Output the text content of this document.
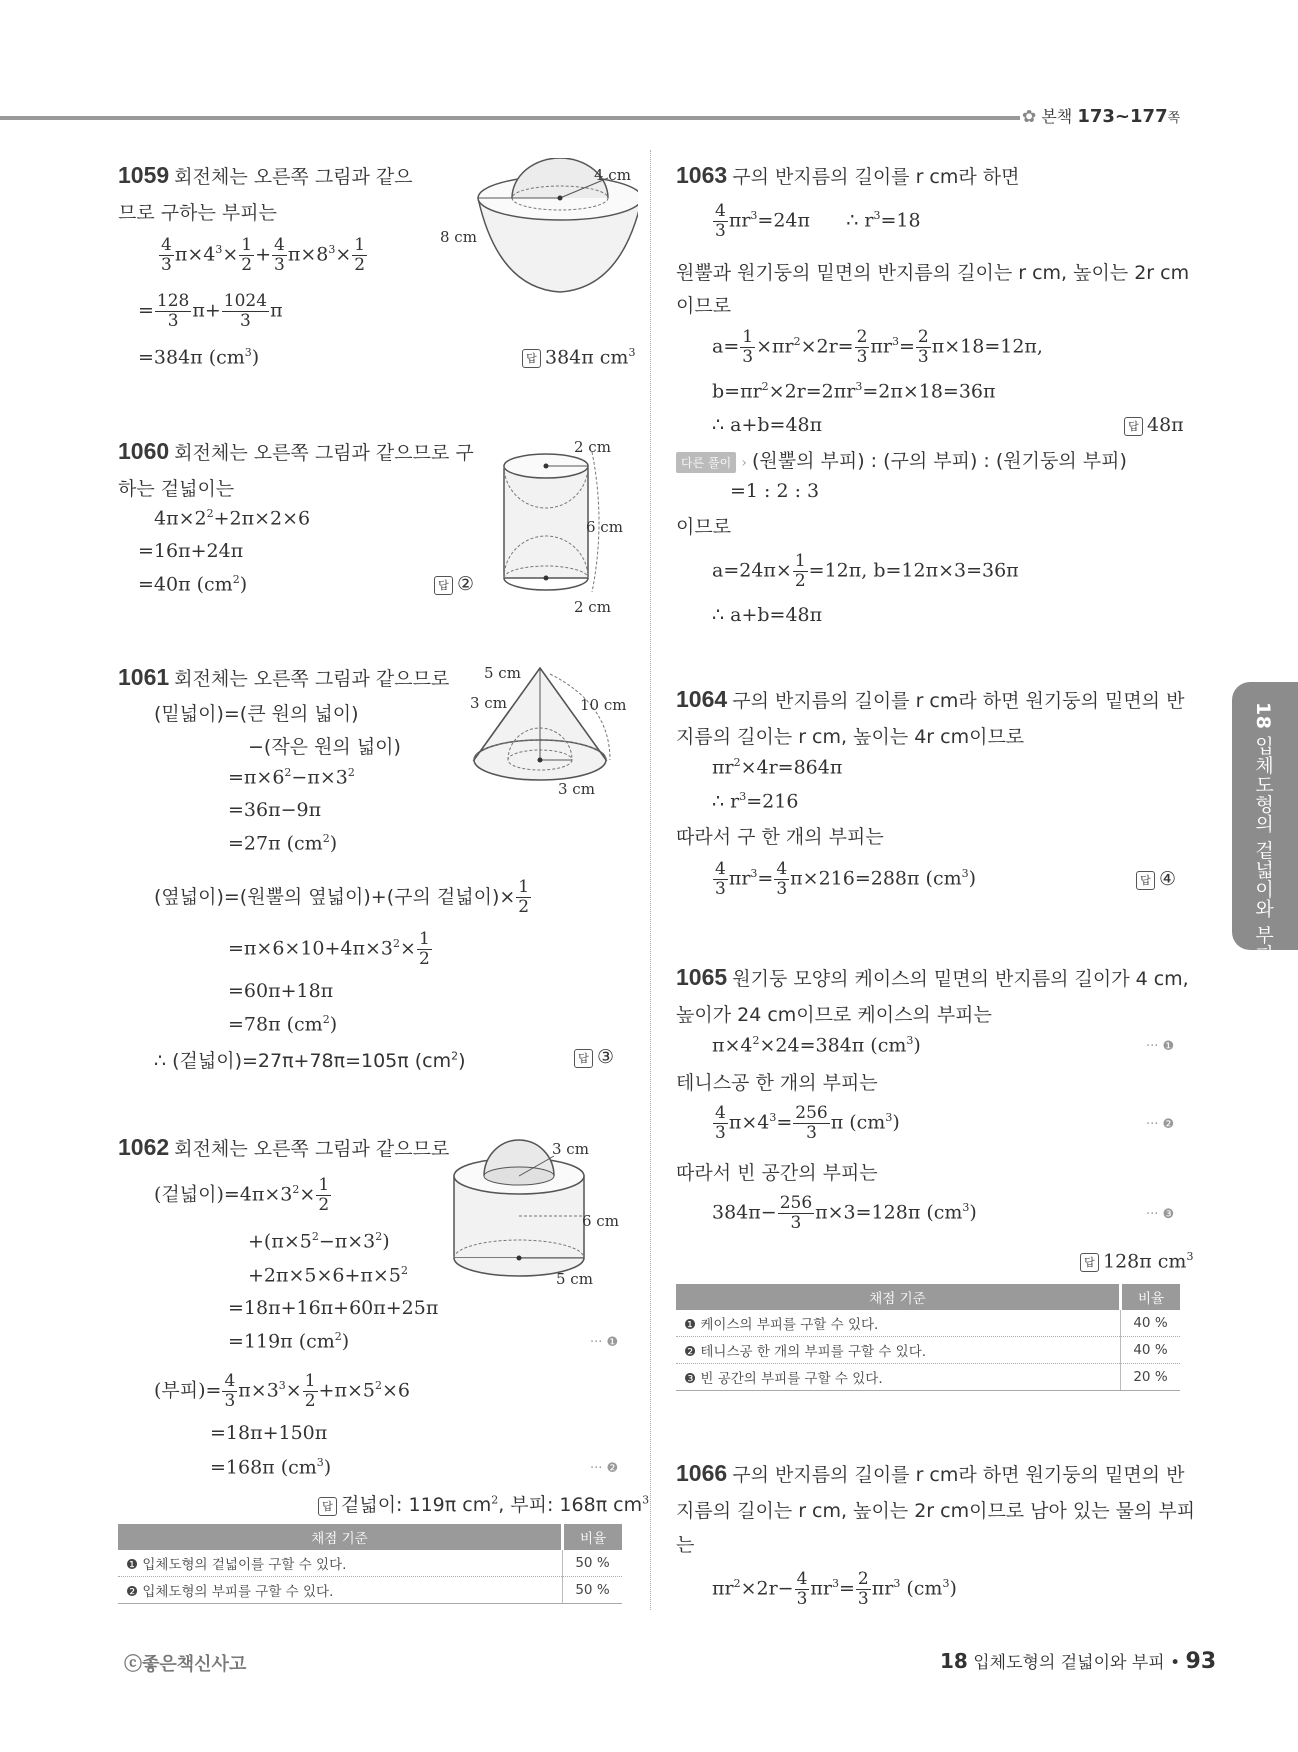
✿ 본책 173~177쪽
1059 회전체는 오른쪽 그림과 같으
므로 구하는 부피는
$\frac{4}{3} \pi\times 4^3\times \frac{1}{2} + \frac{4}{3} \pi\times 8^3\times \frac{1}{2}$
= $\frac{128}{3} \pi+ \frac{1024}{3}$ π
=384π $(cm^3)$	답 384π $cm^3$
4 cm
8 cm
1060 회전체는 오른쪽 그림과 같으므로 구
하는 겉넓이는
$4\pi\times 2^2+2\pi\times 2\times 6$
=16π+24π
=40π $(cm^2)$	답 ②
2 cm
6 cm
2 cm
1061 회전체는 오른쪽 그림과 같으므로
(밑넓이)=(큰 원의 넓이)
−(작은 원의 넓이)
$=\pi\times 6^2-\pi\times 3^2$
=36π−9π
=27π $(cm^2)$
(옆넓이)=(원뿔의 옆넓이)+(구의 겉넓이)× $\frac{1}{2}$
$=\pi\times 6\times 10+4\pi\times 3^2\times \frac{1}{2}$
=60π+18π
=78π $(cm^2)$
∴ (겉넓이)=27π+78π=105π $(cm^2)$	답 ③
5 cm
3 cm	10 cm
3 cm
1062 회전체는 오른쪽 그림과 같으므로
(겉넓이)$=4\pi\times 3^2\times \frac{1}{2}$
$+(\pi\times 5^2-\pi\times 3^2)$
$+2\pi\times 5\times 6+\pi\times 5^2$
=18π+16π+60π+25π
=119π $(cm^2)$	··· ❶
(부피)= $\frac{4}{3} \pi\times 3^3\times \frac{1}{2} +\pi\times 5^2\times 6$
=18π+150π
=168π $(cm^3)$	··· ❷
답 겉넓이: 119π $cm^2$, 부피: 168π $cm^3$
3 cm
6 cm
5 cm
채점 기준	비율
❶ 입체도형의 겉넓이를 구할 수 있다.	50 %
❷ 입체도형의 부피를 구할 수 있다.	50 %
1063 구의 반지름의 길이를 r cm라 하면
$\frac{4}{3} \pi r^3=24\pi$ ∴ $r^3=18$
원뿔과 원기둥의 밑면의 반지름의 길이는 r cm, 높이는 2r cm
이므로
$a= \frac{1}{3} \times\pi r^2\times 2r= \frac{2}{3} \pi r^3= \frac{2}{3} \pi\times 18=12\pi$,
$b=\pi r^2\times 2r=2\pi r^3=2\pi\times 18=36\pi$
∴ a+b=48π	답 48π
다른 풀이 › (원뿔의 부피) : (구의 부피) : (원기둥의 부피)
=1 : 2 : 3
이므로
$a=24\pi\times \frac{1}{2} =12\pi$, b=12π×3=36π
∴ a+b=48π
1064 구의 반지름의 길이를 r cm라 하면 원기둥의 밑면의 반
지름의 길이는 r cm, 높이는 4r cm이므로
$\pi r^2\times 4r=864\pi$
∴ $r^3=216$
따라서 구 한 개의 부피는
$\frac{4}{3} \pi r^3= \frac{4}{3} \pi\times 216=288\pi$ $(cm^3)$	답 ④
1065 원기둥 모양의 케이스의 밑면의 반지름의 길이가 4 cm,
높이가 24 cm이므로 케이스의 부피는
$\pi\times 4^2\times 24=384\pi$ $(cm^3)$	··· ❶
테니스공 한 개의 부피는
$\frac{4}{3} \pi\times 4^3= \frac{256}{3}$ π $(cm^3)$	··· ❷
따라서 빈 공간의 부피는
$384\pi- \frac{256}{3} \pi\times 3=128\pi$ $(cm^3)$	··· ❸
답 128π $cm^3$
채점 기준	비율
❶ 케이스의 부피를 구할 수 있다.	40 %
❷ 테니스공 한 개의 부피를 구할 수 있다.	40 %
❸ 빈 공간의 부피를 구할 수 있다.	20 %
1066 구의 반지름의 길이를 r cm라 하면 원기둥의 밑면의 반
지름의 길이는 r cm, 높이는 2r cm이므로 남아 있는 물의 부피
는
$\pi r^2\times 2r- \frac{4}{3} \pi r^3= \frac{2}{3} \pi r^3$ $(cm^3)$
18 입체도형의 겉넓이와 부피
ⓒ좋은책신사고	18 입체도형의 겉넓이와 부피 • 93
